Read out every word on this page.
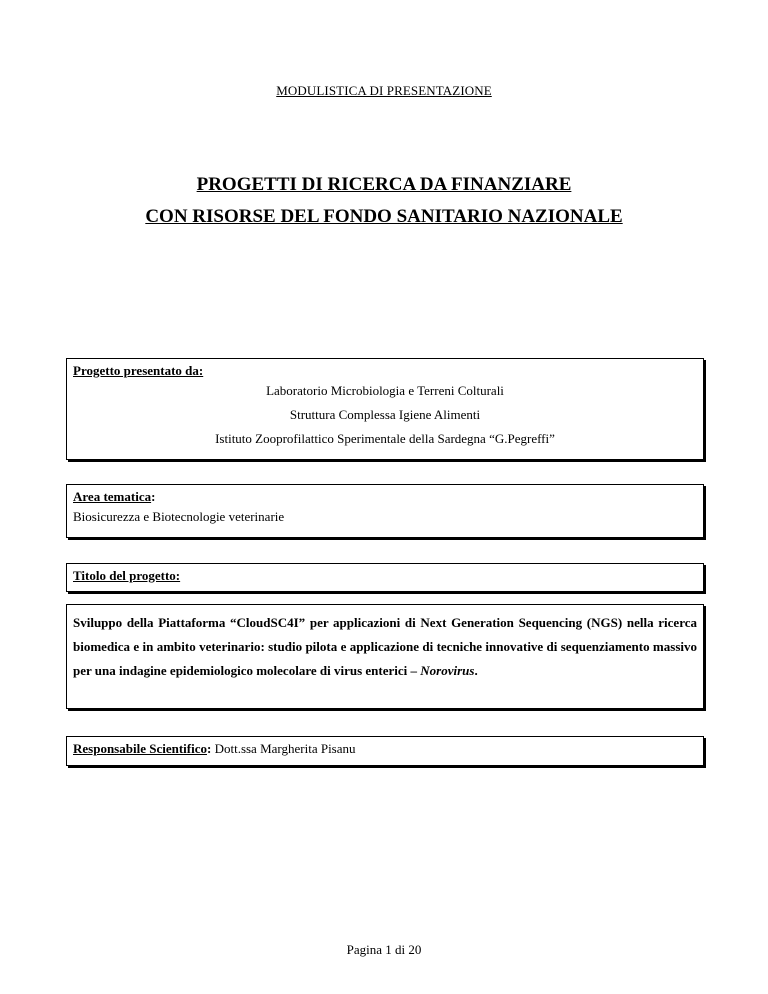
MODULISTICA DI PRESENTAZIONE
PROGETTI DI RICERCA DA FINANZIARE
CON RISORSE DEL FONDO SANITARIO NAZIONALE
Progetto presentato da:
Laboratorio Microbiologia e Terreni Colturali
Struttura Complessa Igiene Alimenti
Istituto Zooprofilattico Sperimentale della Sardegna “G.Pegreffi”
Area tematica:
Biosicurezza e Biotecnologie veterinarie
Titolo del progetto:
Sviluppo della Piattaforma “CloudSC4I” per applicazioni di Next Generation Sequencing (NGS) nella ricerca biomedica e in ambito veterinario: studio pilota e applicazione di tecniche innovative di sequenziamento massivo per una indagine epidemiologico molecolare di virus enterici – Norovirus.
Responsabile Scientifico: Dott.ssa Margherita Pisanu
Pagina 1 di 20
